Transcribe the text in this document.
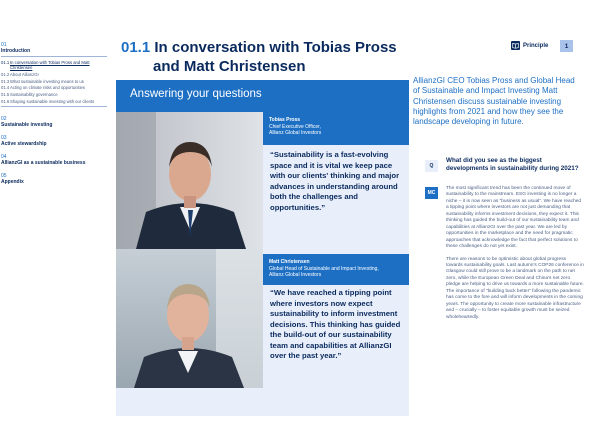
01
Introduction
01.1 In conversation with Tobias Pross and Matt Christensen
01.2 About AllianzGI
01.3 What sustainable investing means to us
01.4 Acting on climate risks and opportunities
01.5 Sustainability governance
01.6 Shaping sustainable investing with our clients
02
Sustainable investing
03
Active stewardship
04
AllianzGI as a sustainable business
05
Appendix
01.1 In conversation with Tobias Pross
and Matt Christensen
Principle	1
Answering your questions
Tobias Pross
Chief Executive Officer,
Allianz Global Investors
“Sustainability is a fast-evolving space and it is vital we keep pace with our clients' thinking and major advances in understanding around both the challenges and opportunities.”
Matt Christensen
Global Head of Sustainable and Impact Investing,
Allianz Global Investors
“We have reached a tipping point where investors now expect sustainability to inform investment decisions. This thinking has guided the build-out of our sustainability team and capabilities at AllianzGI over the past year.”

AllianzGI CEO Tobias Pross and Global Head of Sustainable and Impact Investing Matt Christensen discuss sustainable investing highlights from 2021 and how they see the landscape developing in future.

Q
What did you see as the biggest developments in sustainability during 2021?
MC

The most significant trend has been the continued move of sustainability to the mainstream. ESG investing is no longer a niche – it is now seen as “business as usual”. We have reached a tipping point where investors are not just demanding that sustainability informs investment decisions, they expect it. This thinking has guided the build-out of our sustainability team and capabilities at AllianzGI over the past year. We are led by opportunities in the marketplace and the need for pragmatic approaches that acknowledge the fact that perfect solutions to these challenges do not yet exist.

There are reasons to be optimistic about global progress towards sustainability goals. Last autumn's COP26 conference in Glasgow could still prove to be a landmark on the path to net zero, while the European Green Deal and China's net zero pledge are helping to drive us towards a more sustainable future. The importance of “building back better” following the pandemic has come to the fore and will inform developments in the coming years. The opportunity to create more sustainable infrastructure and – crucially – to foster equitable growth must be seized wholeheartedly.
